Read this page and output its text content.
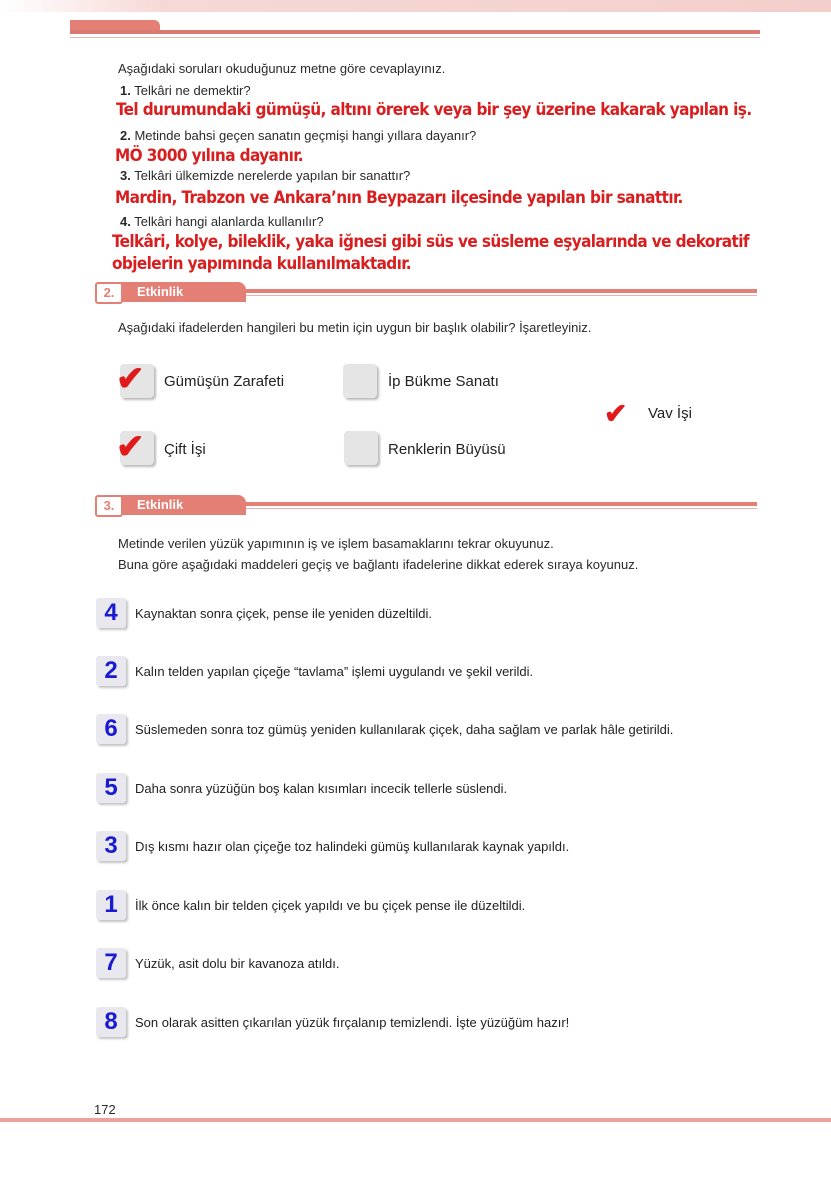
Aşağıdaki soruları okuduğunuz metne göre cevaplayınız.
1. Telkâri ne demektir?
Tel durumundaki gümüşü, altını örerek veya bir şey üzerine kakarak yapılan iş.
2. Metinde bahsi geçen sanatın geçmişi hangi yıllara dayanır?
MÖ 3000 yılına dayanır.
3. Telkâri ülkemizde nerelerde yapılan bir sanattır?
Mardin, Trabzon ve Ankara’nın Beypazarı ilçesinde yapılan bir sanattır.
4. Telkâri hangi alanlarda kullanılır?
Telkâri, kolye, bileklik, yaka iğnesi gibi süs ve süsleme eşyalarında ve dekoratif objelerin yapımında kullanılmaktadır.
Etkinlik
2.
Aşağıdaki ifadelerden hangileri bu metin için uygun bir başlık olabilir? İşaretleyiniz.
✔ Gümüşün Zarafeti	İp Bükme Sanatı
✔ Vav İşi
✔ Çift İşi	Renklerin Büyüsü
Etkinlik
3.
Metinde verilen yüzük yapımının iş ve işlem basamaklarını tekrar okuyunuz.
Buna göre aşağıdaki maddeleri geçiş ve bağlantı ifadelerine dikkat ederek sıraya koyunuz.
4	Kaynaktan sonra çiçek, pense ile yeniden düzeltildi.
2	Kalın telden yapılan çiçeğe “tavlama” işlemi uygulandı ve şekil verildi.
6	Süslemeden sonra toz gümüş yeniden kullanılarak çiçek, daha sağlam ve parlak hâle getirildi.
5	Daha sonra yüzüğün boş kalan kısımları incecik tellerle süslendi.
3	Dış kısmı hazır olan çiçeğe toz halindeki gümüş kullanılarak kaynak yapıldı.
1	İlk önce kalın bir telden çiçek yapıldı ve bu çiçek pense ile düzeltildi.
7	Yüzük, asit dolu bir kavanoza atıldı.
8	Son olarak asitten çıkarılan yüzük fırçalanıp temizlendi. İşte yüzüğüm hazır!
172
